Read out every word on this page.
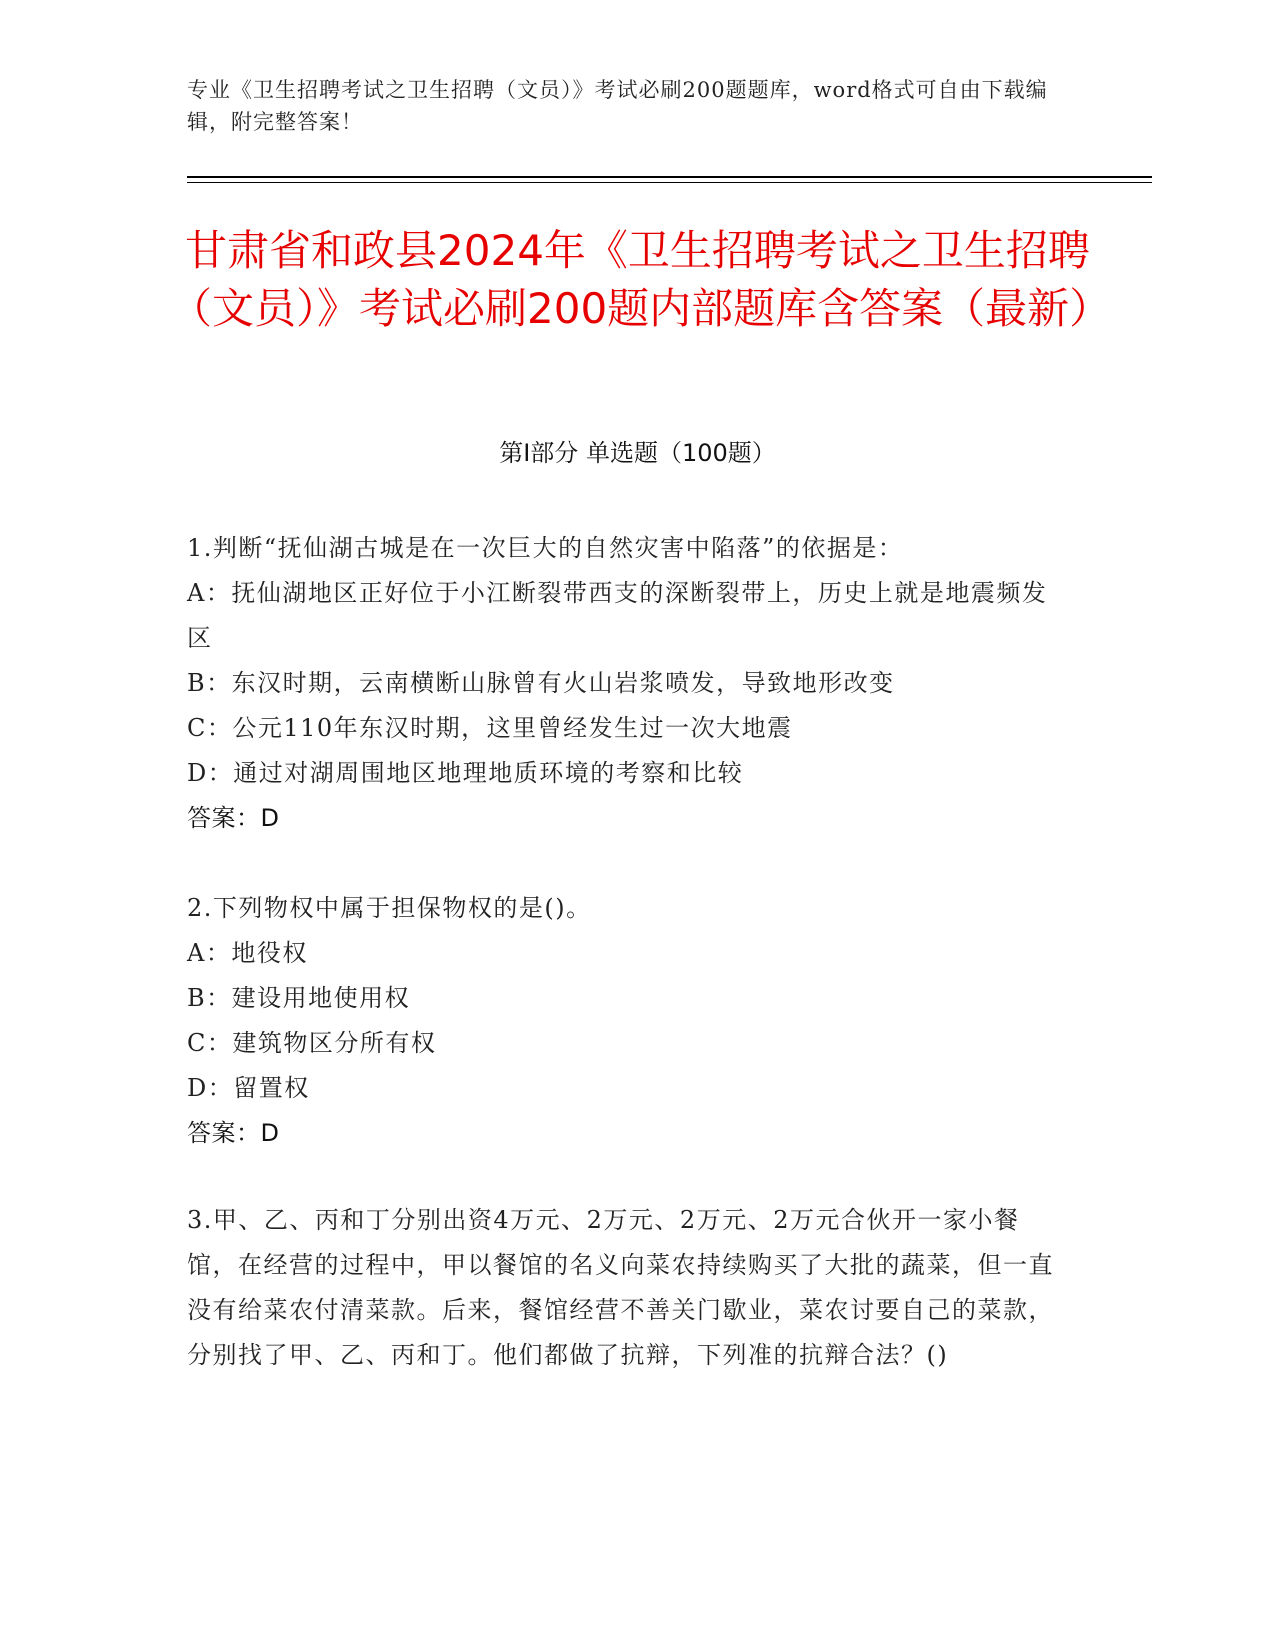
专业《卫生招聘考试之卫生招聘（文员）》考试必刷200题题库，word格式可自由下载编辑，附完整答案！
甘肃省和政县2024年《卫生招聘考试之卫生招聘（文员）》考试必刷200题内部题库含答案（最新）
第Ⅰ部分 单选题（100题）
1.判断“抚仙湖古城是在一次巨大的自然灾害中陷落”的依据是：
A：抚仙湖地区正好位于小江断裂带西支的深断裂带上，历史上就是地震频发区
B：东汉时期，云南横断山脉曾有火山岩浆喷发，导致地形改变
C：公元110年东汉时期，这里曾经发生过一次大地震
D：通过对湖周围地区地理地质环境的考察和比较
答案：D
2.下列物权中属于担保物权的是()。
A：地役权
B：建设用地使用权
C：建筑物区分所有权
D：留置权
答案：D
3.甲、乙、丙和丁分别出资4万元、2万元、2万元、2万元合伙开一家小餐馆，在经营的过程中，甲以餐馆的名义向菜农持续购买了大批的蔬菜，但一直没有给菜农付清菜款。后来，餐馆经营不善关门歇业，菜农讨要自己的菜款，分别找了甲、乙、丙和丁。他们都做了抗辩，下列准的抗辩合法？()
